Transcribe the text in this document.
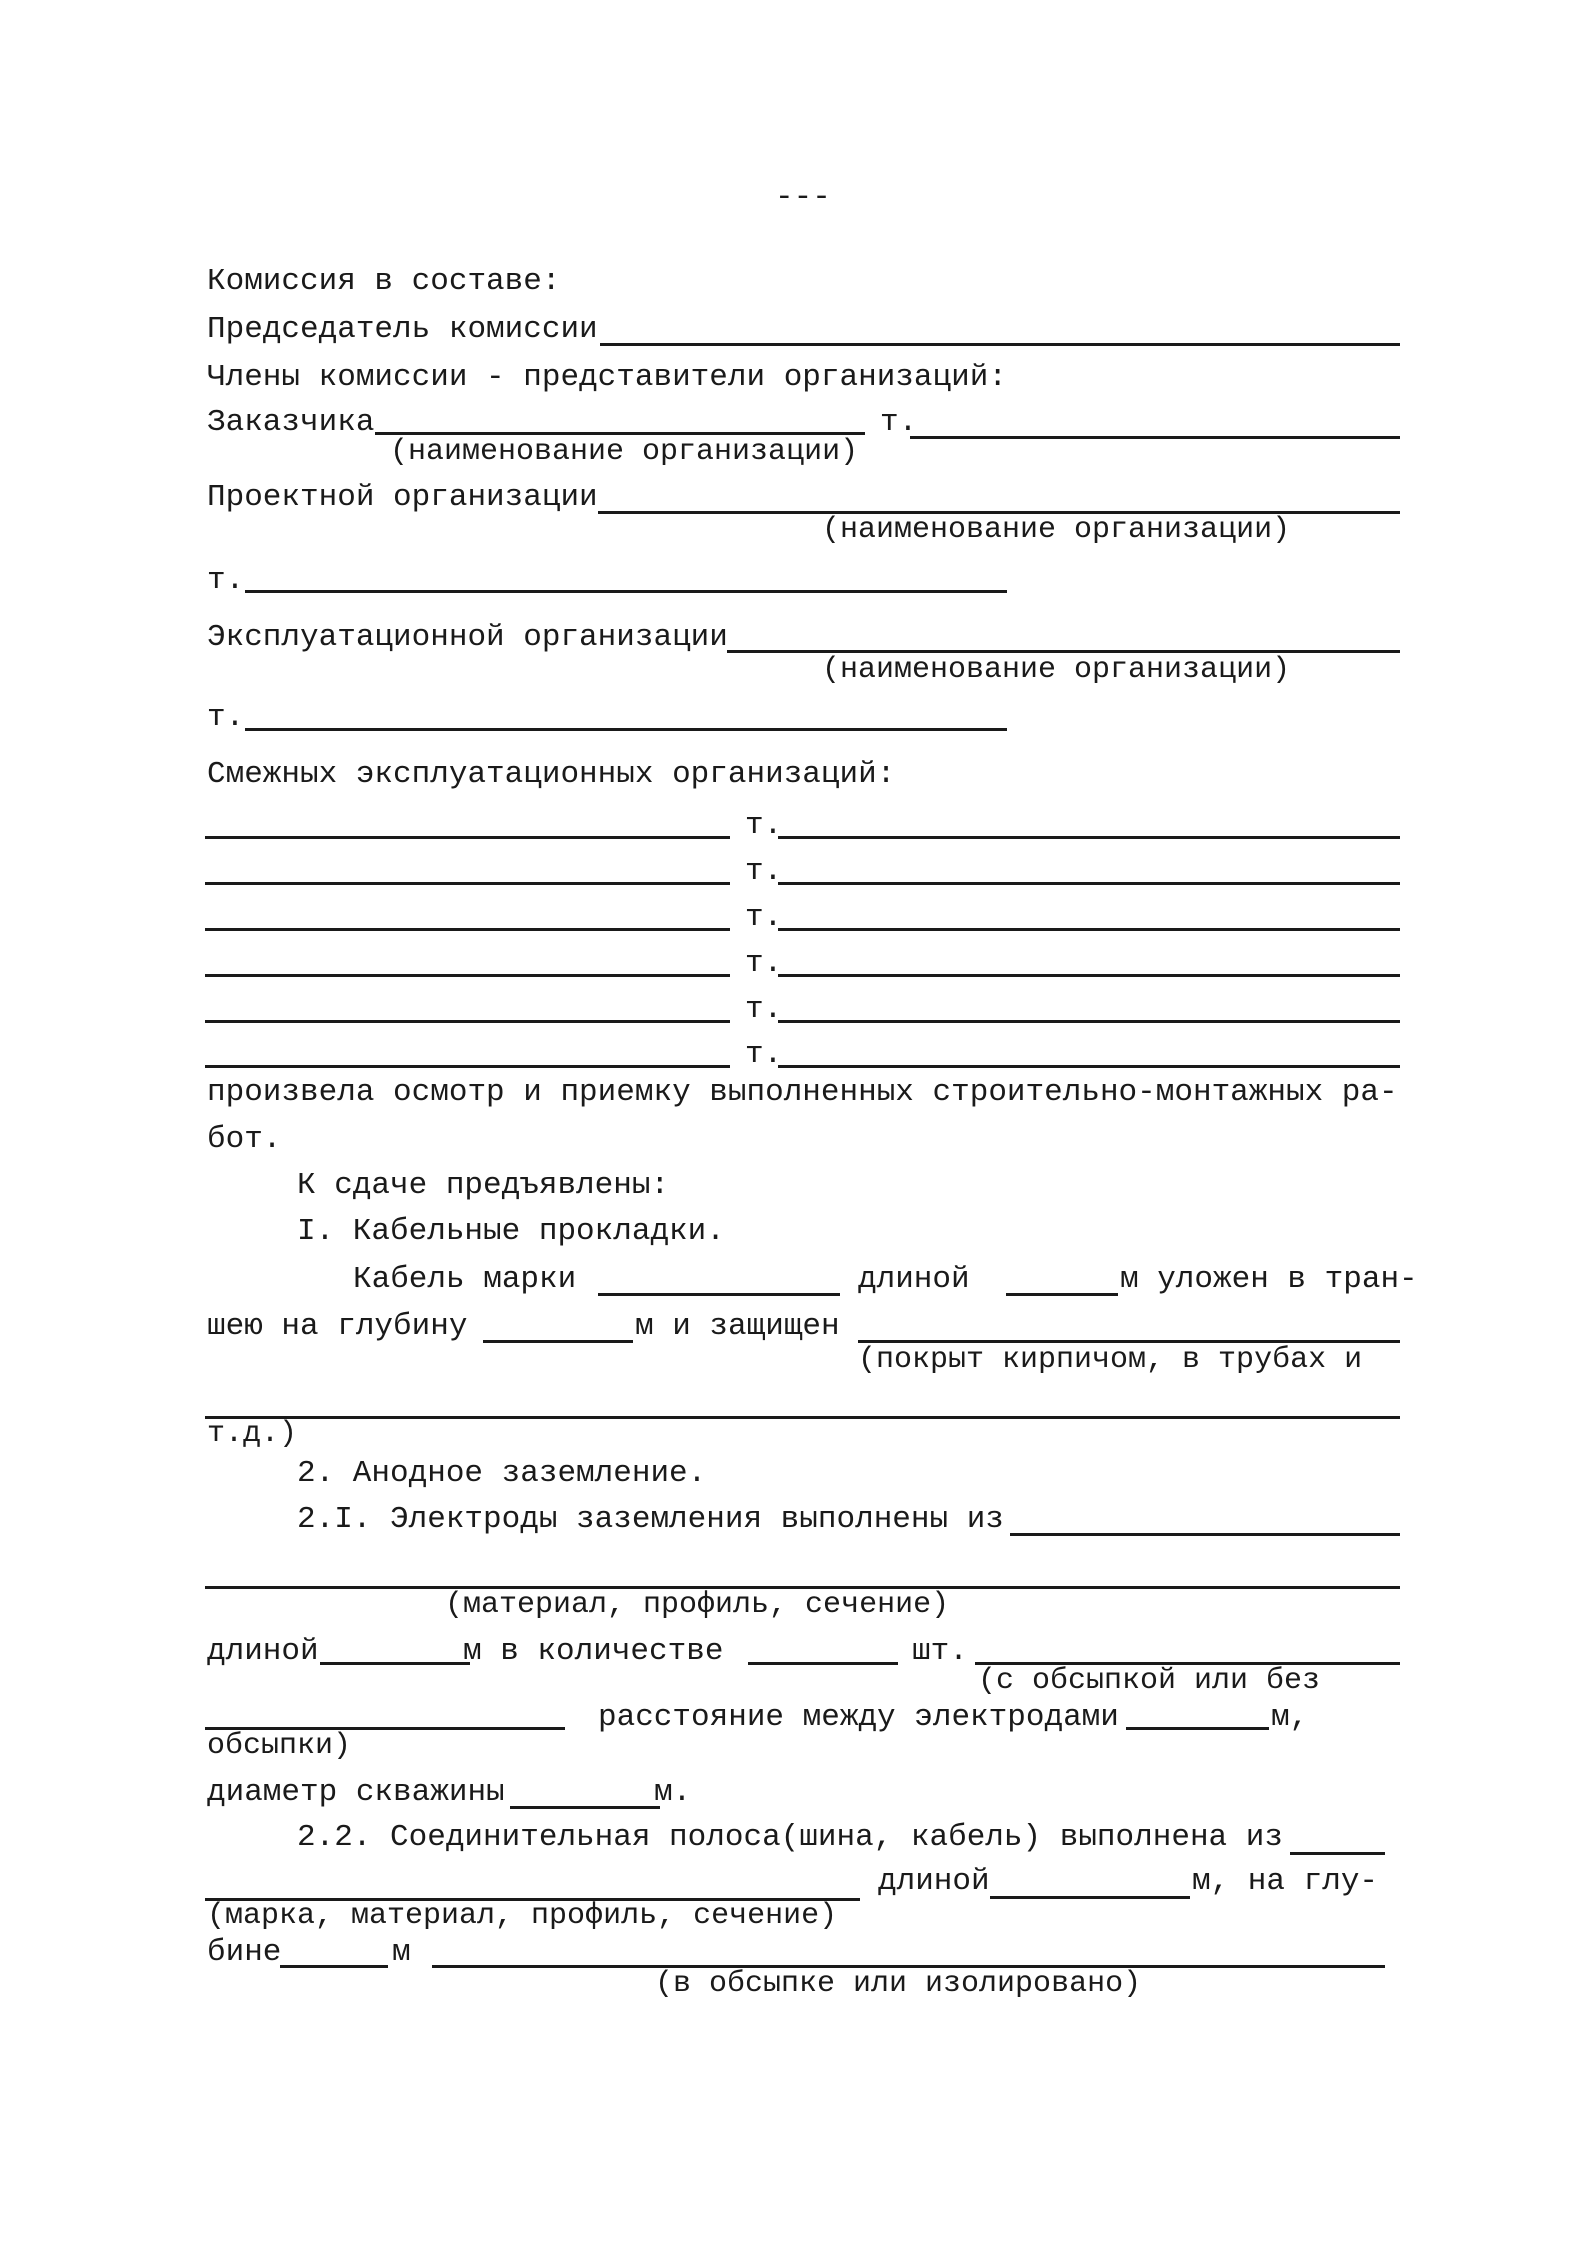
---
Комиссия в составе:
Председатель комиссии
Члены комиссии - представители организаций:
Заказчика
(наименование организации)
т.
Проектной организации
(наименование организации)
т.
Эксплуатационной организации
(наименование организации)
т.
Смежных эксплуатационных организаций:
т.
т.
т.
т.
т.
т.
произвела осмотр и приемку выполненных строительно-монтажных ра-
бот.
К сдаче предъявлены:
I. Кабельные прокладки.
Кабель марки	длиной	м уложен в тран-
шею на глубину	м и защищен
(покрыт кирпичом, в трубах и
т.д.)
2. Анодное заземление.
2.I. Электроды заземления выполнены из
(материал, профиль, сечение)
длиной	м в количестве	шт.
(с обсыпкой или без
обсыпки)
расстояние между электродами	м,
диаметр скважины	м.
2.2. Соединительная полоса(шина, кабель) выполнена из
(марка, материал, профиль, сечение)
длиной	м, на глу-
бине	м
(в обсыпке или изолировано)
